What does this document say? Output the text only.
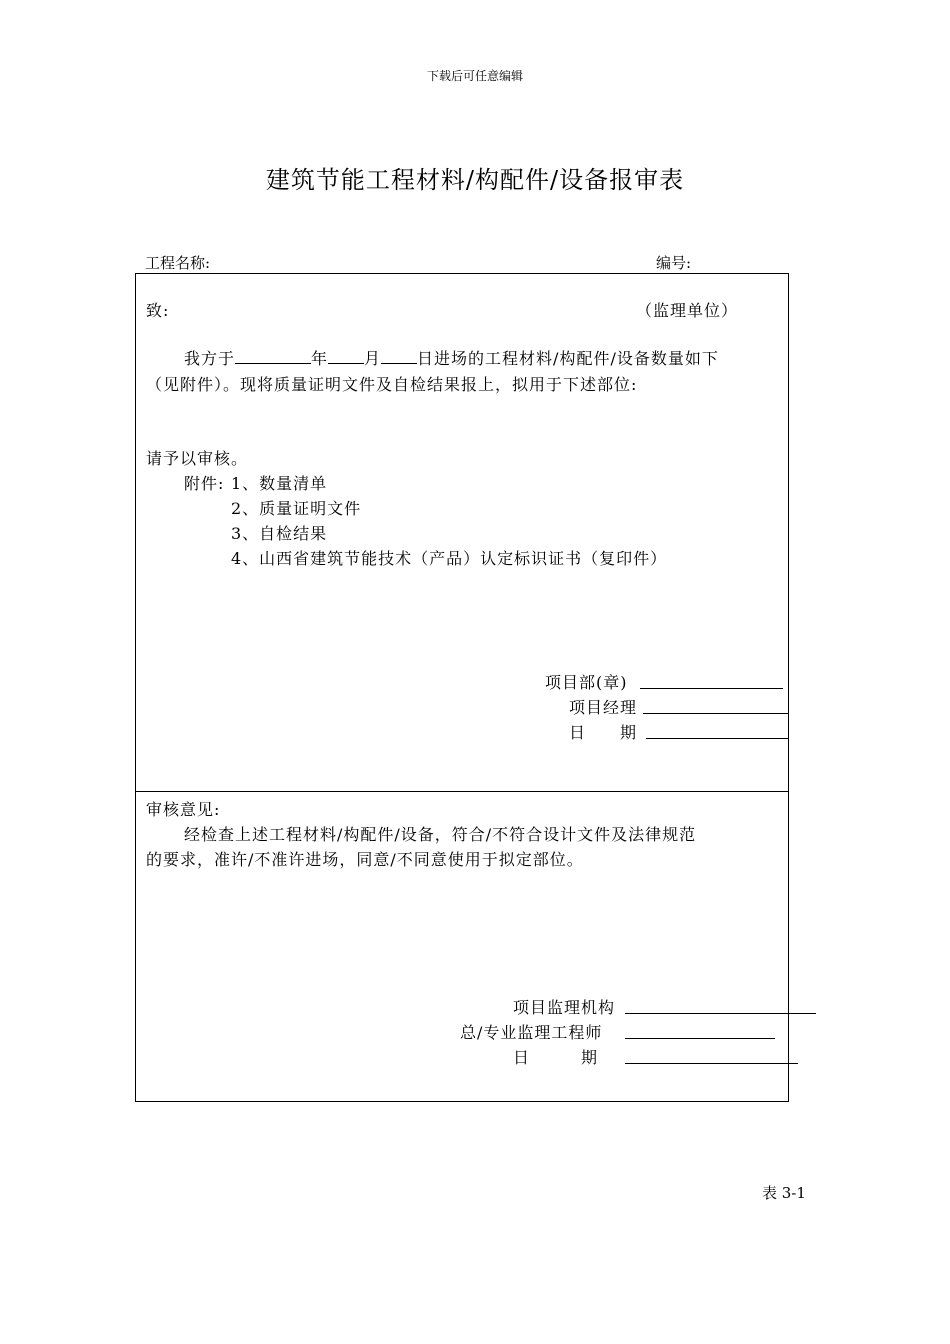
下载后可任意编辑
建筑节能工程材料/构配件/设备报审表
工程名称:	编号:
致:	（监理单位）
我方于	年 月 日进场的工程材料/构配件/设备数量如下
（见附件）。现将质量证明文件及自检结果报上，拟用于下述部位:
请予以审核。
附件: 1、数量清单
2、质量证明文件
3、自检结果
4、山西省建筑节能技术（产品）认定标识证书（复印件）
项目部(章)
项目经理
日　　期
审核意见:
经检查上述工程材料/构配件/设备，符合/不符合设计文件及法律规范
的要求，准许/不准许进场，同意/不同意使用于拟定部位。
项目监理机构
总/专业监理工程师
日　　　期
表 3-1
